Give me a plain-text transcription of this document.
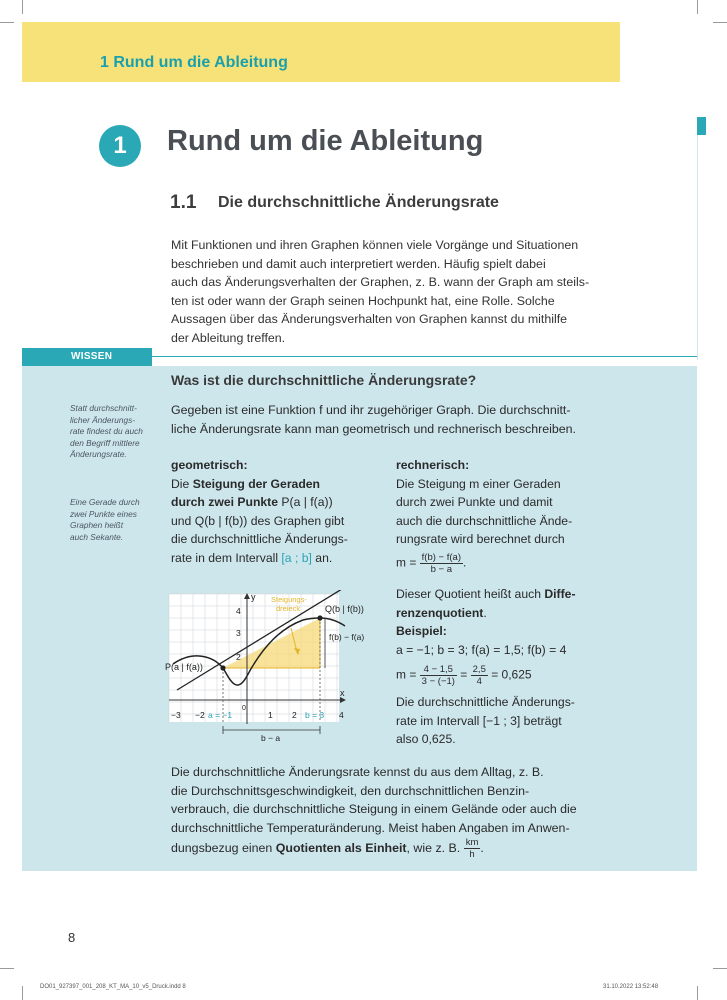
1 Rund um die Ableitung
1	Rund um die Ableitung
1.1 Die durchschnittliche Änderungsrate
Mit Funktionen und ihren Graphen können viele Vorgänge und Situationen
beschrieben und damit auch interpretiert werden. Häufig spielt dabei
auch das Änderungsverhalten der Graphen, z. B. wann der Graph am steils-
ten ist oder wann der Graph seinen Hochpunkt hat, eine Rolle. Solche
Aussagen über das Änderungsverhalten von Graphen kannst du mithilfe
der Ableitung treffen.
WISSEN
Was ist die durchschnittliche Änderungsrate?
Statt durchschnitt-
licher Änderungs-
rate findest du auch
den Begriff mittlere
Änderungsrate.
Eine Gerade durch
zwei Punkte eines
Graphen heißt
auch Sekante.
Gegeben ist eine Funktion f und ihr zugehöriger Graph. Die durchschnitt-
liche Änderungsrate kann man geometrisch und rechnerisch beschreiben.
geometrisch:
Die Steigung der Geraden
durch zwei Punkte P(a | f(a))
und Q(b | f(b)) des Graphen gibt
die durchschnittliche Änderungs-
rate in dem Intervall [a ; b] an.
rechnerisch:
Die Steigung m einer Geraden
durch zwei Punkte und damit
auch die durchschnittliche Ände-
rungsrate wird berechnet durch
$m = \frac{f(b) - f(a)}{b - a}$ .
Dieser Quotient heißt auch Diffe-
renzenquotient.
Beispiel:
a = −1; b = 3; f(a) = 1,5; f(b) = 4
$m = \frac{4 - 1,5}{3 - (-1)} = \frac{2,5}{4} = 0,625$
Die durchschnittliche Änderungs-
rate im Intervall [−1 ; 3] beträgt
also 0,625.
P(a | f(a))
Q(b | f(b))
Steigungs-
dreieck
f(b) − f(a)
b − a
x
y
−3 −2 a = −1
0
1 2 b = 3 4
4
3
2
Die durchschnittliche Änderungsrate kennst du aus dem Alltag, z. B.
die Durchschnittsgeschwindigkeit, den durchschnittlichen Benzin-
verbrauch, die durchschnittliche Steigung in einem Gelände oder auch die
durchschnittliche Temperaturänderung. Meist haben Angaben im Anwen-
dungsbezug einen Quotienten als Einheit, wie z. B. $\frac{km}{h}$ .
8
DO01_927397_001_208_KT_MA_10_v5_Druck.indd 8	31.10.2022 13:52:48
